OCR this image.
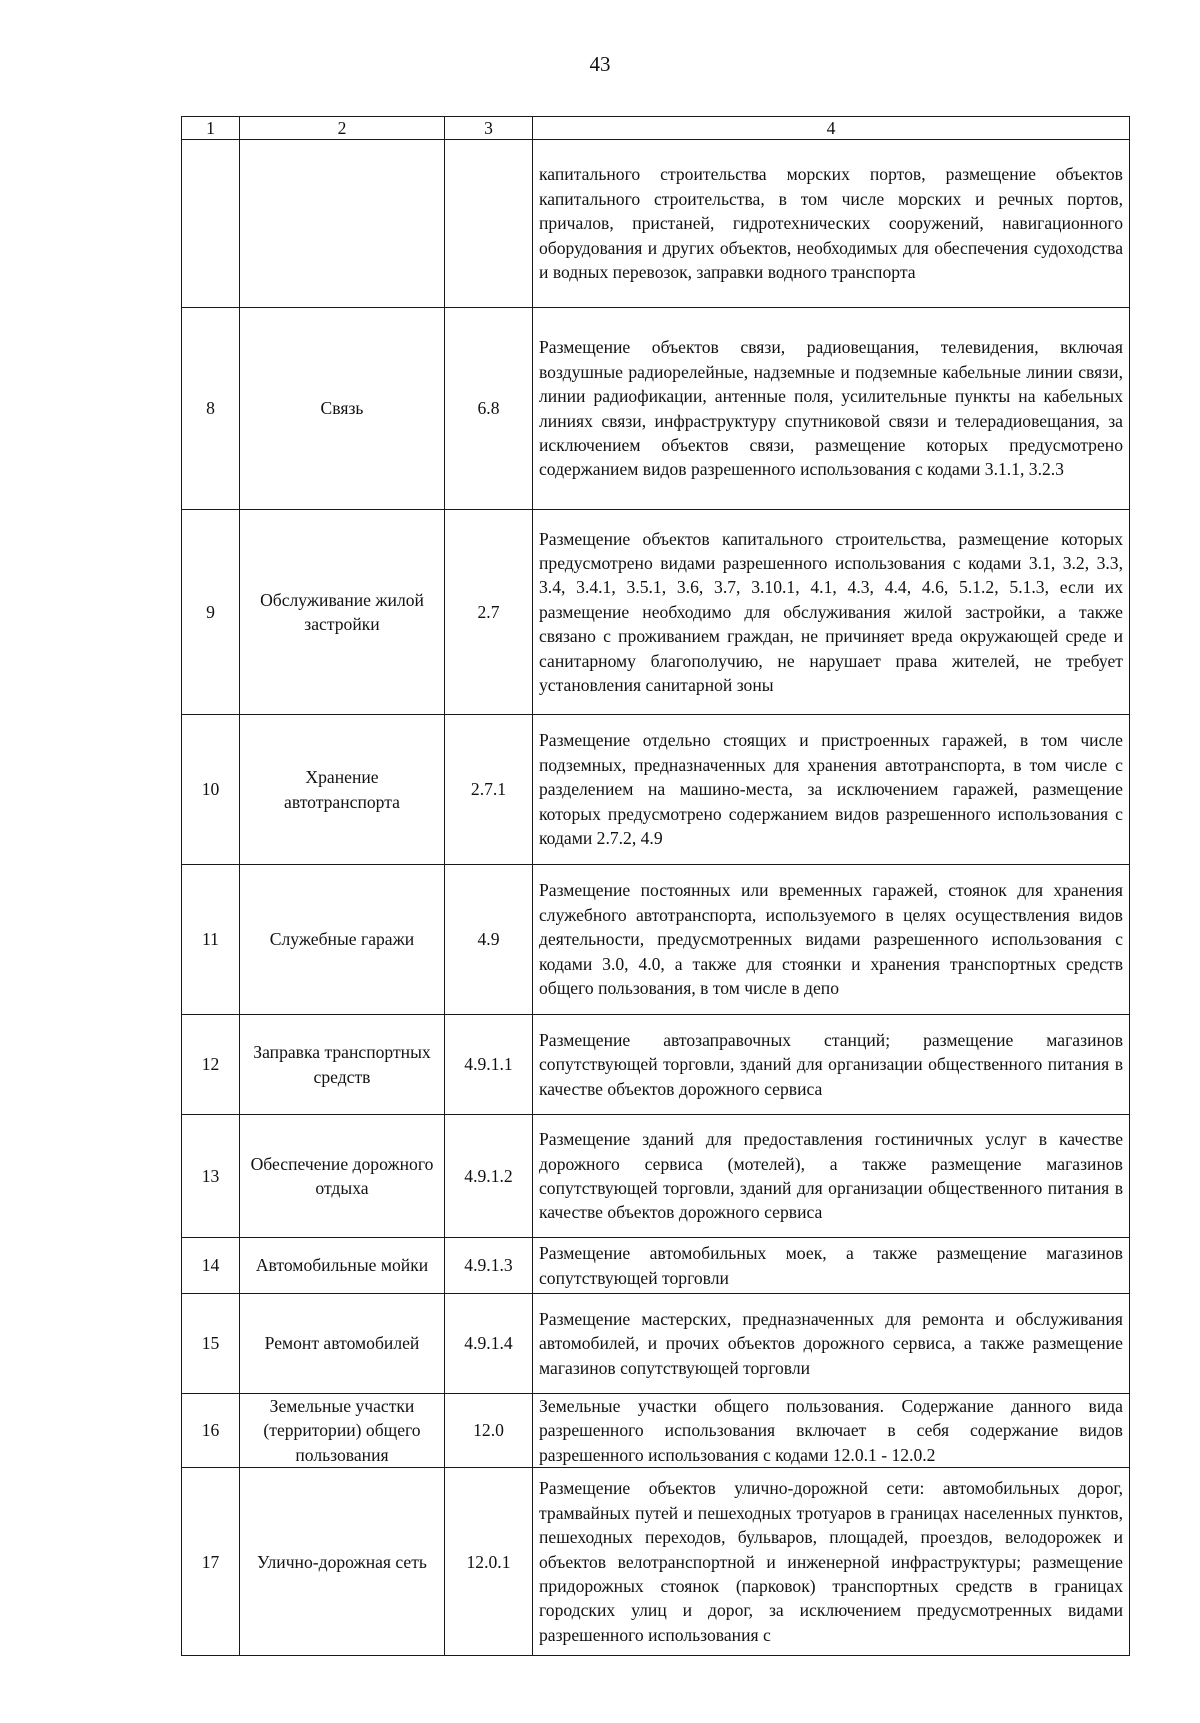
43
1	2	3	4
			капитального строительства морских портов, размещение объектов капитального строительства, в том числе морских и речных портов, причалов, пристаней, гидротехнических сооружений, навигационного оборудования и других объектов, необходимых для обеспечения судоходства и водных перевозок, заправки водного транспорта
8	Связь	6.8	Размещение объектов связи, радиовещания, телевидения, включая воздушные радиорелейные, надземные и подземные кабельные линии связи, линии радиофикации, антенные поля, усилительные пункты на кабельных линиях связи, инфраструктуру спутниковой связи и телерадиовещания, за исключением объектов связи, размещение которых предусмотрено содержанием видов разрешенного использования с кодами 3.1.1, 3.2.3
9	Обслуживание жилой застройки	2.7	Размещение объектов капитального строительства, размещение которых предусмотрено видами разрешенного использования с кодами 3.1, 3.2, 3.3, 3.4, 3.4.1, 3.5.1, 3.6, 3.7, 3.10.1, 4.1, 4.3, 4.4, 4.6, 5.1.2, 5.1.3, если их размещение необходимо для обслуживания жилой застройки, а также связано с проживанием граждан, не причиняет вреда окружающей среде и санитарному благополучию, не нарушает права жителей, не требует установления санитарной зоны
10	Хранение автотранспорта	2.7.1	Размещение отдельно стоящих и пристроенных гаражей, в том числе подземных, предназначенных для хранения автотранспорта, в том числе с разделением на машино-места, за исключением гаражей, размещение которых предусмотрено содержанием видов разрешенного использования с кодами 2.7.2, 4.9
11	Служебные гаражи	4.9	Размещение постоянных или временных гаражей, стоянок для хранения служебного автотранспорта, используемого в целях осуществления видов деятельности, предусмотренных видами разрешенного использования с кодами 3.0, 4.0, а также для стоянки и хранения транспортных средств общего пользования, в том числе в депо
12	Заправка транспортных средств	4.9.1.1	Размещение автозаправочных станций; размещение магазинов сопутствующей торговли, зданий для организации общественного питания в качестве объектов дорожного сервиса
13	Обеспечение дорожного отдыха	4.9.1.2	Размещение зданий для предоставления гостиничных услуг в качестве дорожного сервиса (мотелей), а также размещение магазинов сопутствующей торговли, зданий для организации общественного питания в качестве объектов дорожного сервиса
14	Автомобильные мойки	4.9.1.3	Размещение автомобильных моек, а также размещение магазинов сопутствующей торговли
15	Ремонт автомобилей	4.9.1.4	Размещение мастерских, предназначенных для ремонта и обслуживания автомобилей, и прочих объектов дорожного сервиса, а также размещение магазинов сопутствующей торговли
16	Земельные участки (территории) общего пользования	12.0	Земельные участки общего пользования. Содержание данного вида разрешенного использования включает в себя содержание видов разрешенного использования с кодами 12.0.1 - 12.0.2
17	Улично-дорожная сеть	12.0.1	Размещение объектов улично-дорожной сети: автомобильных дорог, трамвайных путей и пешеходных тротуаров в границах населенных пунктов, пешеходных переходов, бульваров, площадей, проездов, велодорожек и объектов велотранспортной и инженерной инфраструктуры; размещение придорожных стоянок (парковок) транспортных средств в границах городских улиц и дорог, за исключением предусмотренных видами разрешенного использования с
